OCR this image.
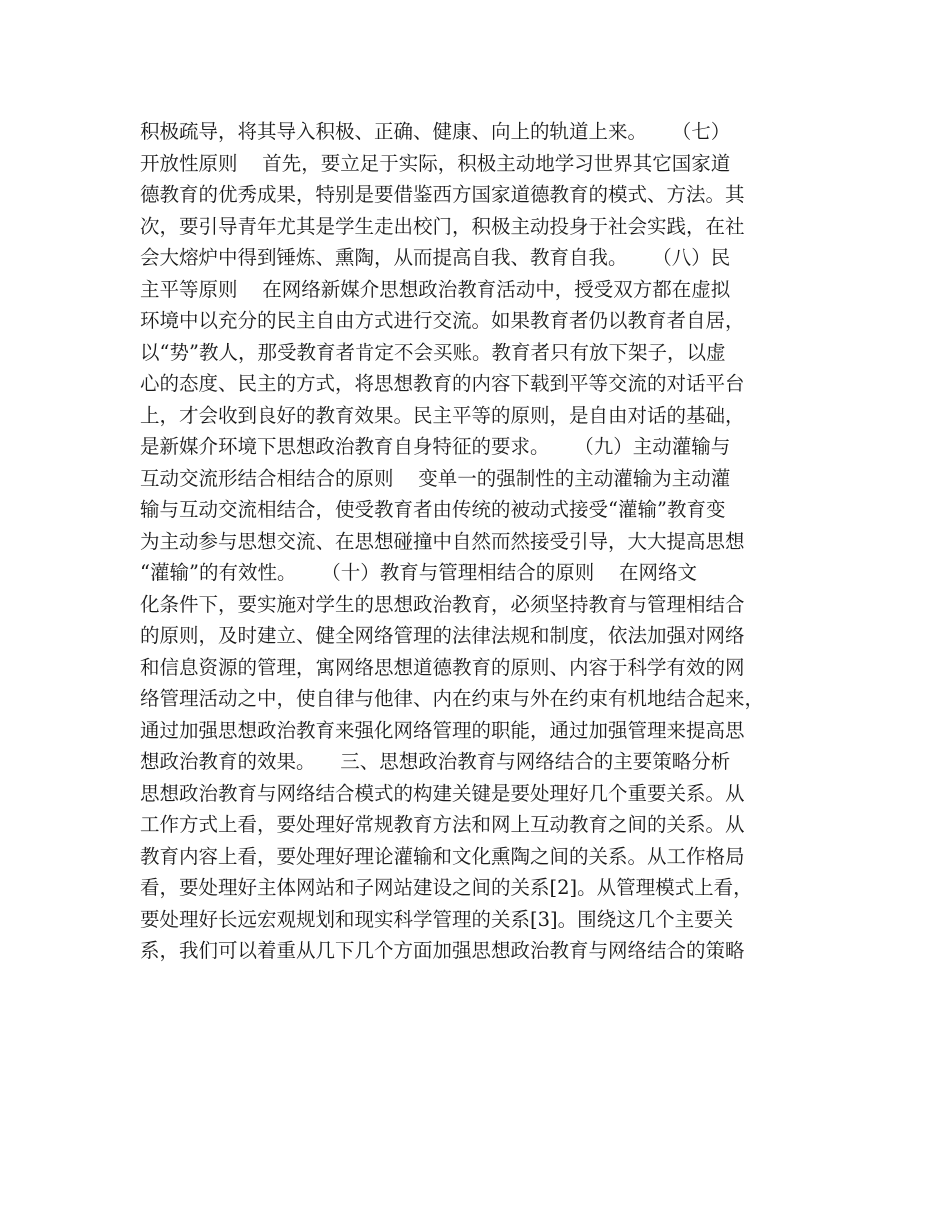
积极疏导，将其导入积极、正确、健康、向上的轨道上来。    （七）
开放性原则    首先，要立足于实际，积极主动地学习世界其它国家道
德教育的优秀成果，特别是要借鉴西方国家道德教育的模式、方法。其
次，要引导青年尤其是学生走出校门，积极主动投身于社会实践，在社
会大熔炉中得到锤炼、熏陶，从而提高自我、教育自我。    （八）民
主平等原则    在网络新媒介思想政治教育活动中，授受双方都在虚拟
环境中以充分的民主自由方式进行交流。如果教育者仍以教育者自居，
以“势”教人，那受教育者肯定不会买账。教育者只有放下架子，以虚
心的态度、民主的方式，将思想教育的内容下载到平等交流的对话平台
上，才会收到良好的教育效果。民主平等的原则，是自由对话的基础，
是新媒介环境下思想政治教育自身特征的要求。    （九）主动灌输与
互动交流形结合相结合的原则    变单一的强制性的主动灌输为主动灌
输与互动交流相结合，使受教育者由传统的被动式接受“灌输”教育变
为主动参与思想交流、在思想碰撞中自然而然接受引导，大大提高思想
“灌输”的有效性。    （十）教育与管理相结合的原则    在网络文
化条件下，要实施对学生的思想政治教育，必须坚持教育与管理相结合
的原则，及时建立、健全网络管理的法律法规和制度，依法加强对网络
和信息资源的管理，寓网络思想道德教育的原则、内容于科学有效的网
络管理活动之中，使自律与他律、内在约束与外在约束有机地结合起来，
通过加强思想政治教育来强化网络管理的职能，通过加强管理来提高思
想政治教育的效果。    三、思想政治教育与网络结合的主要策略分析
思想政治教育与网络结合模式的构建关键是要处理好几个重要关系。从
工作方式上看，要处理好常规教育方法和网上互动教育之间的关系。从
教育内容上看，要处理好理论灌输和文化熏陶之间的关系。从工作格局
看，要处理好主体网站和子网站建设之间的关系[2]。从管理模式上看，
要处理好长远宏观规划和现实科学管理的关系[3]。围绕这几个主要关
系，我们可以着重从几下几个方面加强思想政治教育与网络结合的策略
